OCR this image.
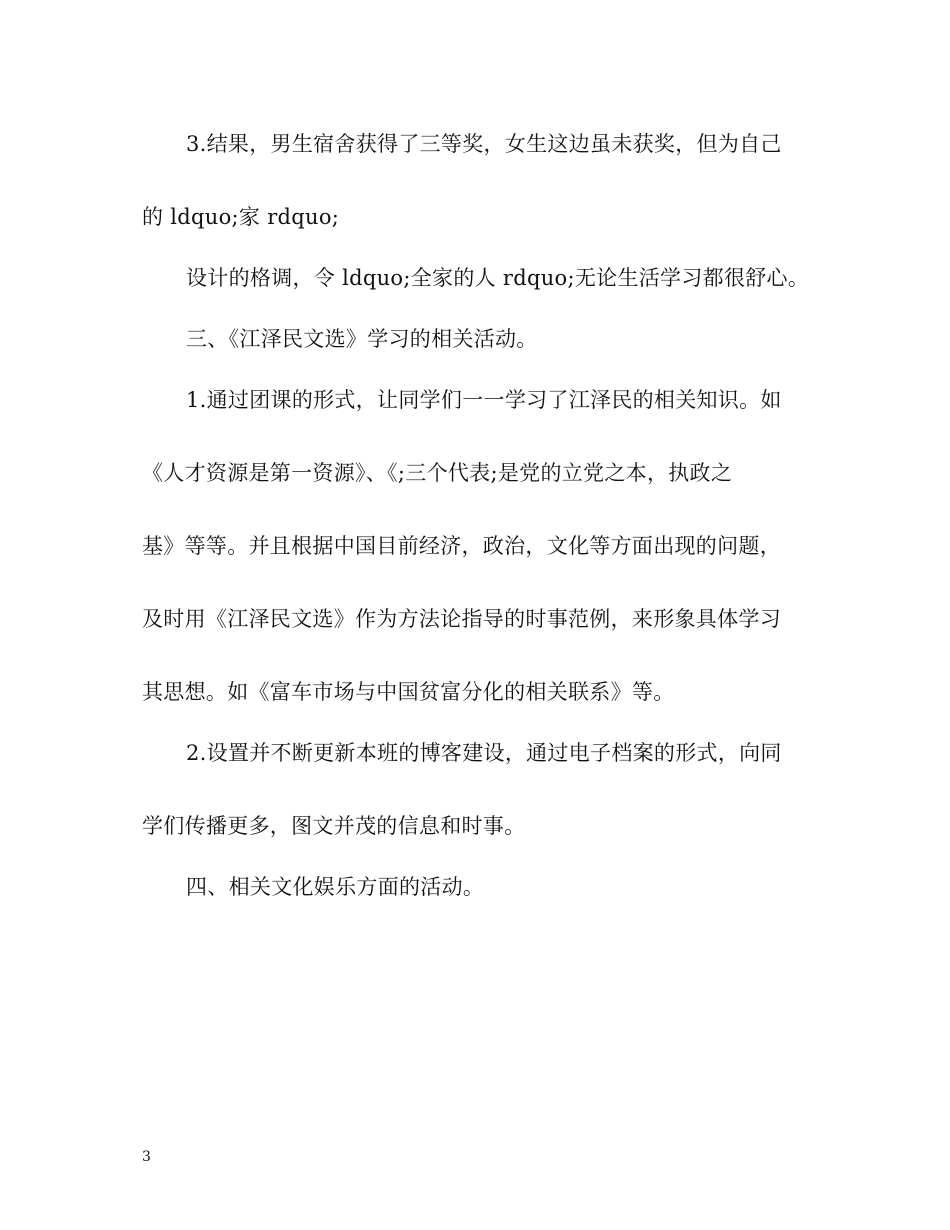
3.结果，男生宿舍获得了三等奖，女生这边虽未获奖，但为自己
的 ldquo;家 rdquo;
设计的格调，令 ldquo;全家的人 rdquo;无论生活学习都很舒心。
三、《江泽民文选》学习的相关活动。
1.通过团课的形式，让同学们一一学习了江泽民的相关知识。如
《人才资源是第一资源》、《;三个代表;是党的立党之本，执政之
基》等等。并且根据中国目前经济，政治，文化等方面出现的问题，
及时用《江泽民文选》作为方法论指导的时事范例，来形象具体学习
其思想。如《富车市场与中国贫富分化的相关联系》等。
2.设置并不断更新本班的博客建设，通过电子档案的形式，向同
学们传播更多，图文并茂的信息和时事。
四、相关文化娱乐方面的活动。
3
